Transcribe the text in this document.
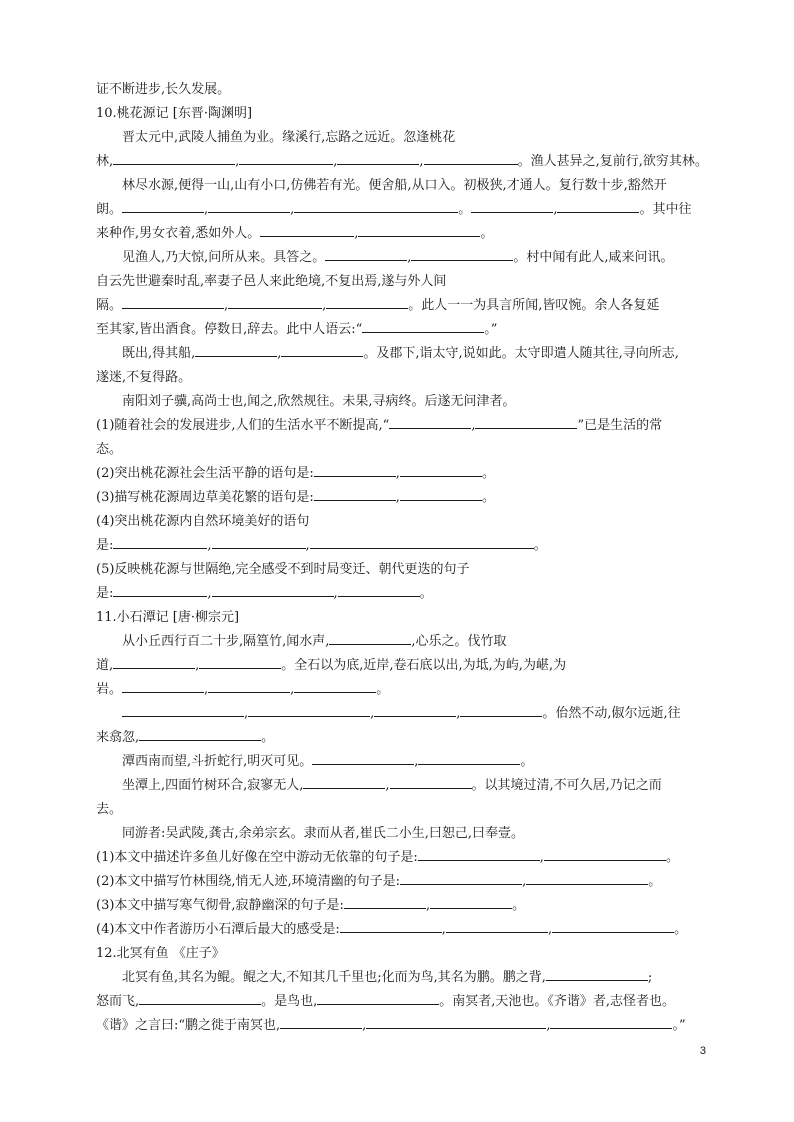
证不断进步,长久发展。
10.桃花源记 [东晋·陶渊明]
晋太元中,武陵人捕鱼为业。缘溪行,忘路之远近。忽逢桃花
林,	,	,	,	。渔人甚异之,复前行,欲穷其林。
林尽水源,便得一山,山有小口,仿佛若有光。便舍船,从口入。初极狭,才通人。复行数十步,豁然开
朗。	,	,	。	,	。其中往
来种作,男女衣着,悉如外人。	,	。
见渔人,乃大惊,问所从来。具答之。	,	。村中闻有此人,咸来问讯。
自云先世避秦时乱,率妻子邑人来此绝境,不复出焉,遂与外人间
隔。	,	,	。此人一一为具言所闻,皆叹惋。余人各复延
至其家,皆出酒食。停数日,辞去。此中人语云:“	。”
既出,得其船,	,	。及郡下,诣太守,说如此。太守即遣人随其往,寻向所志,
遂迷,不复得路。
南阳刘子骥,高尚士也,闻之,欣然规往。未果,寻病终。后遂无问津者。
(1)随着社会的发展进步,人们的生活水平不断提高,“	,	”已是生活的常
态。
(2)突出桃花源社会生活平静的语句是:	,	。
(3)描写桃花源周边草美花繁的语句是:	,	。
(4)突出桃花源内自然环境美好的语句
是:	,	,	。
(5)反映桃花源与世隔绝,完全感受不到时局变迁、朝代更迭的句子
是:	,	,	。
11.小石潭记 [唐·柳宗元]
从小丘西行百二十步,隔篁竹,闻水声,	,心乐之。伐竹取
道,	,	。全石以为底,近岸,卷石底以出,为坻,为屿,为嵁,为
岩。	,	,	。
,	,	,	。佁然不动,俶尔远逝,往
来翕忽,	。
潭西南而望,斗折蛇行,明灭可见。	,	。
坐潭上,四面竹树环合,寂寥无人,	,	。以其境过清,不可久居,乃记之而
去。
同游者:吴武陵,龚古,余弟宗玄。隶而从者,崔氏二小生,曰恕己,曰奉壹。
(1)本文中描述许多鱼儿好像在空中游动无依靠的句子是:	,	。
(2)本文中描写竹林围绕,悄无人迹,环境清幽的句子是:	,	。
(3)本文中描写寒气彻骨,寂静幽深的句子是:	,	。
(4)本文中作者游历小石潭后最大的感受是:	,	,	。
12.北冥有鱼 《庄子》
北冥有鱼,其名为鲲。鲲之大,不知其几千里也;化而为鸟,其名为鹏。鹏之背,	;
怒而飞,	。是鸟也,	。南冥者,天池也。《齐谐》者,志怪者也。
《谐》之言曰:“鹏之徙于南冥也,	,	,	。”
3
